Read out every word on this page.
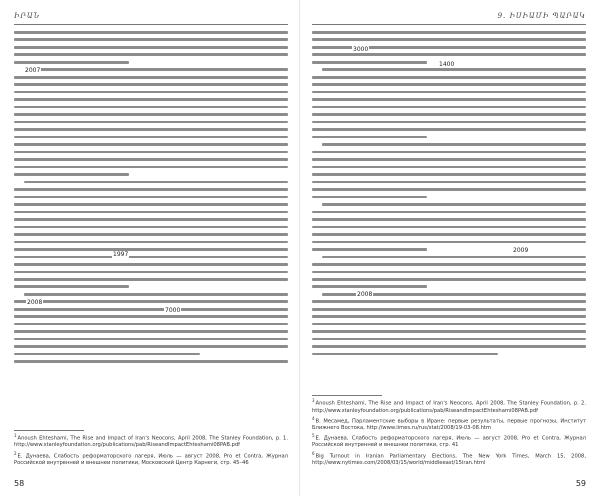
ԻՐԱՆ
2007
1997
2008
7000
$^1$Anoush Ehteshami, The Rise and Impact of Iran's Neocons, April 2008, The Stanley Foundation, p. 1. http://www.stanleyfoundation.org/publications/pab/RiseandImpactEhteshami08PAB.pdf
$^2$Е. Дунаева, Слабость реформаторского лагеря, Июль — август 2008, Pro et Contra, Журнал Российской внутренней и внешнеи политики, Московский Центр Карнеги, стр. 45–46
58
9. ԻՍԻԱՄԻ ՊԱՐԱԿ
3000
1400
2009
2008
$^3$Anoush Ehteshami, The Rise and Impact of Iran's Neocons, April 2008, The Stanley Foundation, p. 2. http://www.stanleyfoundation.org/publications/pab/RiseandImpactEhteshami08PAB.pdf
$^4$В. Месамед, Парламентские выборы в Иране: первые результаты, первые прогнозы, Институт Ближнего Востока, http://www.iimes.ru/rus/stat/2008/19-03-08.htm
$^5$Е. Дунаева, Слабость реформаторского лагеря, Июль — август 2008, Pro et Contra, Журнал Российской внутренней и внешнеи политики, стр. 41
$^6$Big Turnout in Iranian Parliamentary Elections, The New York Times, March 15, 2008, http://www.nytimes.com/2008/03/15/world/middleeast/15iran.html
59
